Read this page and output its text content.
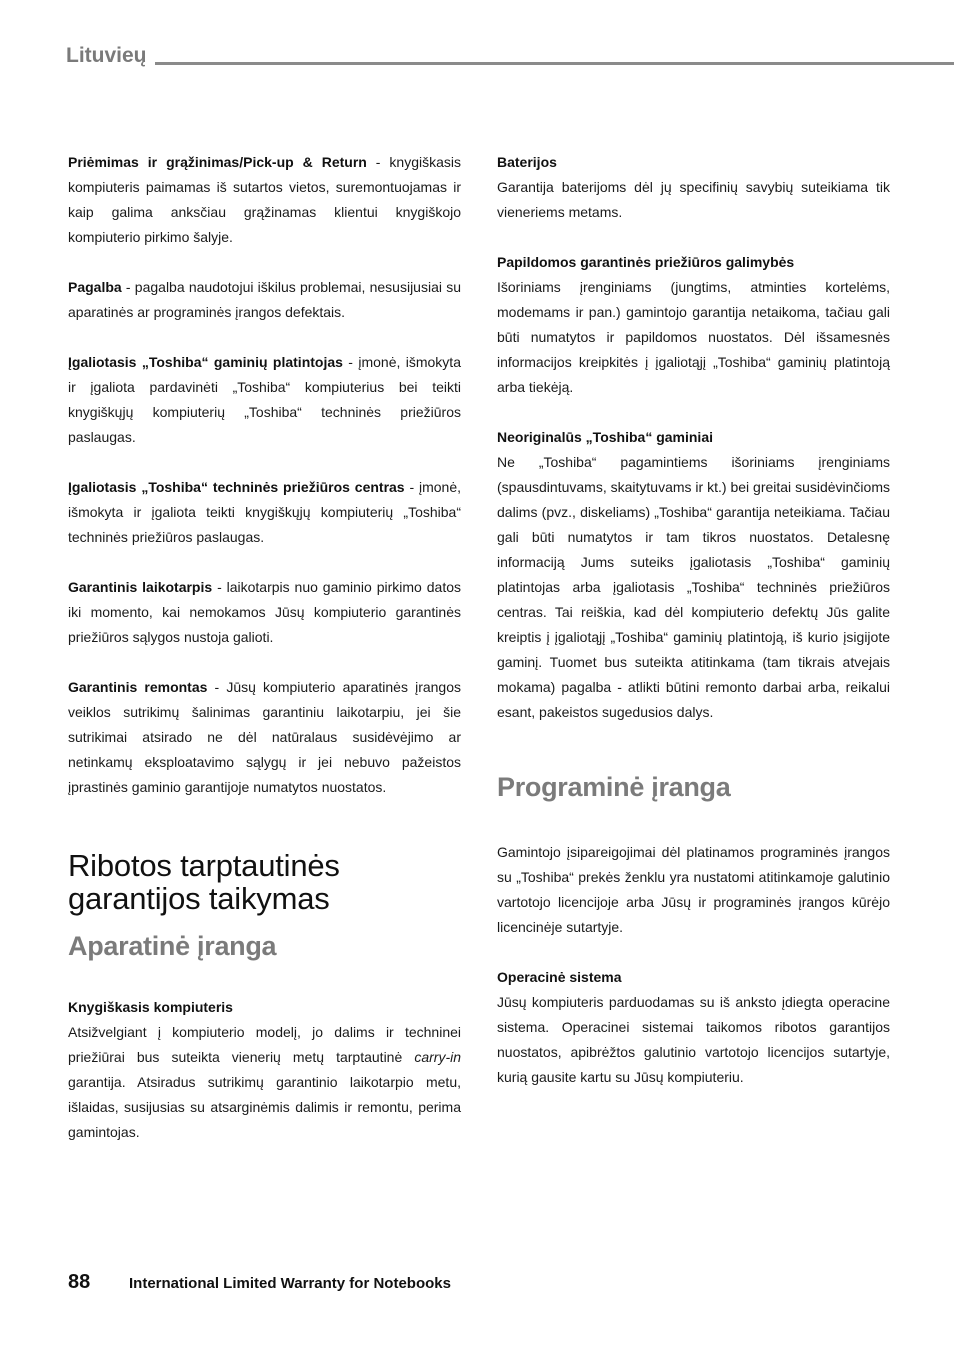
Lituvieų

Priėmimas ir grąžinimas/Pick-up & Return - knygiškasis kompiuteris paimamas iš sutartos vietos, suremontuojamas ir kaip galima anksčiau grąžinamas klientui knygiškojo kompiuterio pirkimo šalyje.

Pagalba - pagalba naudotojui iškilus problemai, nesusijusiai su aparatinės ar programinės įrangos defektais.

Įgaliotasis „Toshiba“ gaminių platintojas - įmonė, išmokyta ir įgaliota pardavinėti „Toshiba“ kompiuterius bei teikti knygiškųjų kompiuterių „Toshiba“ techninės priežiūros paslaugas.

Įgaliotasis „Toshiba“ techninės priežiūros centras - įmonė, išmokyta ir įgaliota teikti knygiškųjų kompiuterių „Toshiba“ techninės priežiūros paslaugas.

Garantinis laikotarpis - laikotarpis nuo gaminio pirkimo datos iki momento, kai nemokamos Jūsų kompiuterio garantinės priežiūros sąlygos nustoja galioti.

Garantinis remontas - Jūsų kompiuterio aparatinės įrangos veiklos sutrikimų šalinimas garantiniu laikotarpiu, jei šie sutrikimai atsirado ne dėl natūralaus susidėvėjimo ar netinkamų eksploatavimo sąlygų ir jei nebuvo pažeistos įprastinės gaminio garantijoje numatytos nuostatos.

Ribotos tarptautinės
garantijos taikymas
Aparatinė įranga

Knygiškasis kompiuteris

Atsižvelgiant į kompiuterio modelį, jo dalims ir techninei priežiūrai bus suteikta vienerių metų tarptautinė carry-in garantija. Atsiradus sutrikimų garantinio laikotarpio metu, išlaidas, susijusias su atsarginėmis dalimis ir remontu, perima gamintojas.

Baterijos

Garantija baterijoms dėl jų specifinių savybių suteikiama tik vieneriems metams.

Papildomos garantinės priežiūros galimybės

Išoriniams įrenginiams (jungtims, atminties kortelėms, modemams ir pan.) gamintojo garantija netaikoma, tačiau gali būti numatytos ir papildomos nuostatos. Dėl išsamesnės informacijos kreipkitės į įgaliotąjį „Toshiba“ gaminių platintoją arba tiekėją.

Neoriginalūs „Toshiba“ gaminiai

Ne „Toshiba“ pagamintiems išoriniams įrenginiams (spausdintuvams, skaitytuvams ir kt.) bei greitai susidėvinčioms dalims (pvz., diskeliams) „Toshiba“ garantija neteikiama. Tačiau gali būti numatytos ir tam tikros nuostatos. Detalesnę informaciją Jums suteiks įgaliotasis „Toshiba“ gaminių platintojas arba įgaliotasis „Toshiba“ techninės priežiūros centras. Tai reiškia, kad dėl kompiuterio defektų Jūs galite kreiptis į įgaliotąjį „Toshiba“ gaminių platintoją, iš kurio įsigijote gaminį. Tuomet bus suteikta atitinkama (tam tikrais atvejais mokama) pagalba - atlikti būtini remonto darbai arba, reikalui esant, pakeistos sugedusios dalys.

Programinė įranga

Gamintojo įsipareigojimai dėl platinamos programinės įrangos su „Toshiba“ prekės ženklu yra nustatomi atitinkamoje galutinio vartotojo licencijoje arba Jūsų ir programinės įrangos kūrėjo licencinėje sutartyje.

Operacinė sistema

Jūsų kompiuteris parduodamas su iš anksto įdiegta operacine sistema. Operacinei sistemai taikomos ribotos garantijos nuostatos, apibrėžtos galutinio vartotojo licencijos sutartyje, kurią gausite kartu su Jūsų kompiuteriu.

88	International Limited Warranty for Notebooks
